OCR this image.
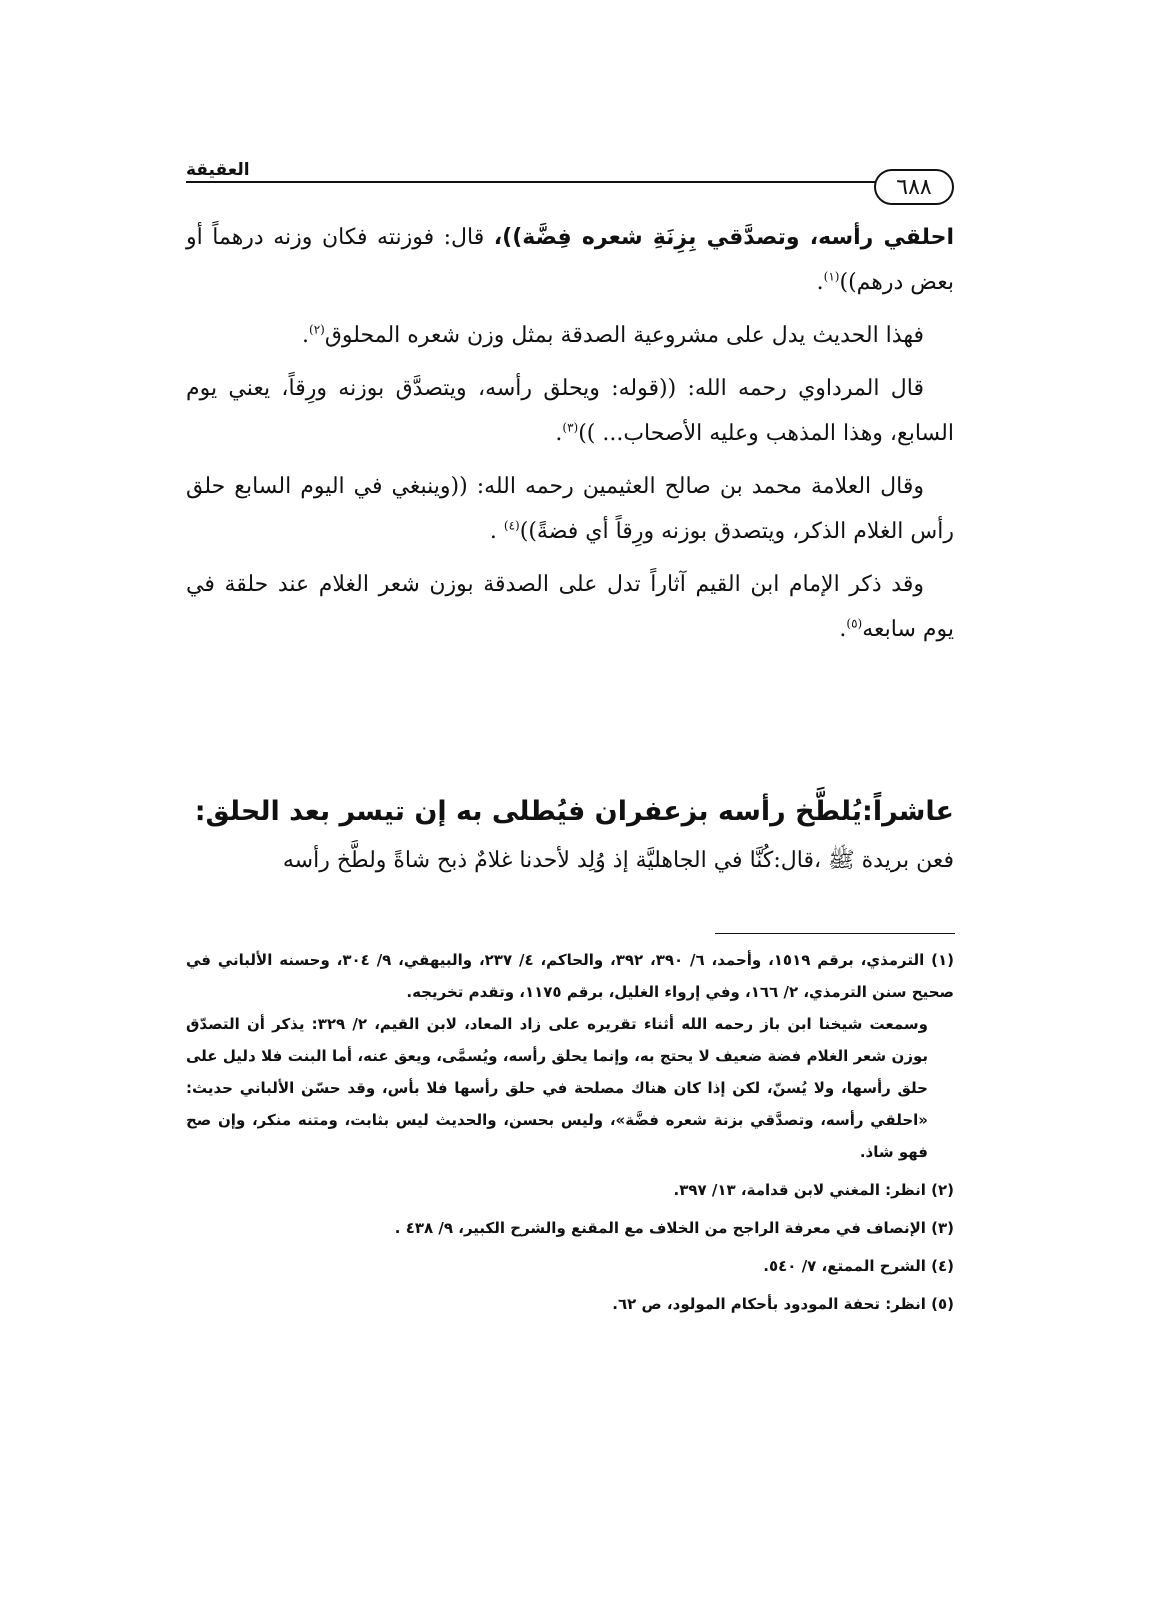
العقيقة
٦٨٨

احلقي رأسه، وتصدَّقي بِزِنَةِ شعره فِضَّة))، قال: فوزنته فكان وزنه درهماً أو بعض درهم))$^{(١)}$.

فهذا الحديث يدل على مشروعية الصدقة بمثل وزن شعره المحلوق$^{(٢)}$.

قال المرداوي رحمه الله: ((قوله: ويحلق رأسه، ويتصدَّق بوزنه ورِقاً، يعني يوم السابع، وهذا المذهب وعليه الأصحاب... ))$^{(٣)}$.

وقال العلامة محمد بن صالح العثيمين رحمه الله: ((وينبغي في اليوم السابع حلق رأس الغلام الذكر، ويتصدق بوزنه ورِقاً أي فضةً))$^{(٤)}$ .

وقد ذكر الإمام ابن القيم آثاراً تدل على الصدقة بوزن شعر الغلام عند حلقة في يوم سابعه$^{(٥)}$.

عاشراً:يُلطَّخ رأسه بزعفران فيُطلى به إن تيسر بعد الحلق:
فعن بريدة ﷺ ،قال:كُنَّا في الجاهليَّة إذ وُلِد لأحدنا غلامٌ ذبح شاةً ولطَّخ رأسه

(١) الترمذي، برقم ١٥١٩، وأحمد، ٦/ ٣٩٠، ٣٩٢، والحاكم، ٤/ ٢٣٧، والبيهقي، ٩/ ٣٠٤، وحسنه الألباني في صحيح سنن الترمذي، ٢/ ١٦٦، وفي إرواء الغليل، برقم ١١٧٥، وتقدم تخريجه.

وسمعت شيخنا ابن باز رحمه الله أثناء تقريره على زاد المعاد، لابن القيم، ٢/ ٣٢٩: يذكر أن التصدّق بوزن شعر الغلام فضة ضعيف لا يحتج به، وإنما يحلق رأسه، ويُسمَّى، ويعق عنه، أما البنت فلا دليل على حلق رأسها، ولا يُسنّ، لكن إذا كان هناك مصلحة في حلق رأسها فلا بأس، وقد حسّن الألباني حديث: «احلقي رأسه، وتصدَّقي بزنة شعره فضَّة»، وليس بحسن، والحديث ليس بثابت، ومتنه منكر، وإن صح فهو شاذ.

(٢) انظر: المغني لابن قدامة، ١٣/ ٣٩٧.

(٣) الإنصاف في معرفة الراجح من الخلاف مع المقنع والشرح الكبير، ٩/ ٤٣٨ .

(٤) الشرح الممتع، ٧/ ٥٤٠.

(٥) انظر: تحفة المودود بأحكام المولود، ص ٦٢.
